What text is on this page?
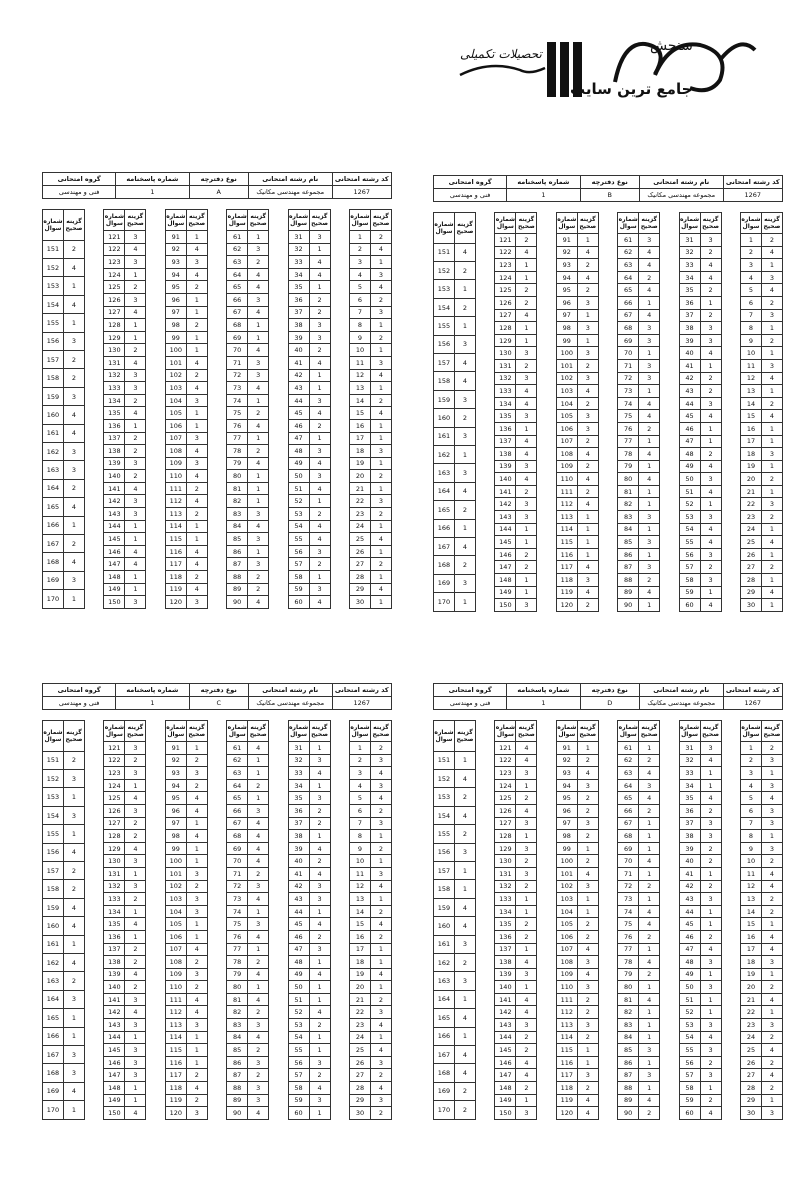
سنجش
تحصیلات تکمیلی
جامع ترین سایت
کد رشته امتحانی	نام رشته امتحانی	نوع دفترچه	شماره پاسخنامه	گروه امتحانی
1267	مجموعه مهندسی مکانیک	A	1	فنی و مهندسی
شماره سوال	گزینه صحیح
1	2
2	4
3	1
4	3
5	4
6	2
7	3
8	1
9	2
10	1
11	3
12	4
13	1
14	2
15	4
16	1
17	1
18	3
19	1
20	2
21	1
22	3
23	2
24	1
25	4
26	1
27	2
28	1
29	4
30	1
شماره سوال	گزینه صحیح
31	3
32	1
33	4
34	4
35	1
36	2
37	2
38	3
39	3
40	2
41	4
42	1
43	1
44	3
45	4
46	2
47	1
48	3
49	4
50	3
51	4
52	1
53	2
54	4
55	4
56	3
57	2
58	1
59	3
60	4
شماره سوال	گزینه صحیح
61	1
62	3
63	2
64	4
65	4
66	3
67	4
68	1
69	1
70	4
71	3
72	3
73	4
74	1
75	2
76	4
77	1
78	2
79	4
80	1
81	1
82	1
83	3
84	4
85	3
86	1
87	3
88	2
89	2
90	4
شماره سوال	گزینه صحیح
91	1
92	4
93	3
94	4
95	2
96	1
97	1
98	2
99	1
100	1
101	4
102	2
103	4
104	3
105	1
106	1
107	3
108	4
109	3
110	4
111	2
112	4
113	2
114	1
115	1
116	4
117	4
118	2
119	4
120	3
شماره سوال	گزینه صحیح
121	3
122	4
123	3
124	1
125	2
126	3
127	4
128	1
129	1
130	2
131	4
132	3
133	3
134	2
135	4
136	1
137	2
138	2
139	3
140	2
141	4
142	3
143	3
144	1
145	1
146	4
147	4
148	1
149	1
150	3
شماره سوال	گزینه صحیح
151	2
152	4
153	1
154	4
155	1
156	3
157	2
158	2
159	3
160	4
161	4
162	3
163	3
164	2
165	4
166	1
167	2
168	4
169	3
170	1
کد رشته امتحانی	نام رشته امتحانی	نوع دفترچه	شماره پاسخنامه	گروه امتحانی
1267	مجموعه مهندسی مکانیک	B	1	فنی و مهندسی
شماره سوال	گزینه صحیح
1	2
2	4
3	1
4	3
5	4
6	2
7	3
8	1
9	2
10	1
11	3
12	4
13	1
14	2
15	4
16	1
17	1
18	3
19	1
20	2
21	1
22	3
23	2
24	1
25	4
26	1
27	2
28	1
29	4
30	1
شماره سوال	گزینه صحیح
31	3
32	2
33	4
34	4
35	2
36	1
37	2
38	3
39	3
40	4
41	1
42	2
43	2
44	3
45	4
46	1
47	1
48	2
49	4
50	3
51	4
52	1
53	3
54	4
55	4
56	3
57	2
58	3
59	1
60	4
شماره سوال	گزینه صحیح
61	3
62	4
63	4
64	2
65	4
66	1
67	4
68	3
69	3
70	1
71	3
72	3
73	1
74	4
75	4
76	2
77	1
78	4
79	1
80	4
81	1
82	1
83	3
84	1
85	3
86	1
87	3
88	2
89	4
90	1
شماره سوال	گزینه صحیح
91	1
92	4
93	2
94	4
95	2
96	3
97	1
98	3
99	1
100	3
101	2
102	3
103	4
104	2
105	3
106	3
107	2
108	4
109	2
110	4
111	2
112	4
113	1
114	1
115	1
116	1
117	4
118	3
119	4
120	2
شماره سوال	گزینه صحیح
121	2
122	4
123	1
124	1
125	2
126	2
127	4
128	1
129	1
130	3
131	2
132	3
133	4
134	4
135	3
136	1
137	4
138	4
139	3
140	4
141	2
142	3
143	3
144	1
145	1
146	2
147	2
148	1
149	1
150	3
شماره سوال	گزینه صحیح
151	4
152	2
153	1
154	2
155	1
156	3
157	4
158	4
159	3
160	2
161	3
162	1
163	3
164	4
165	2
166	1
167	4
168	2
169	3
170	1
کد رشته امتحانی	نام رشته امتحانی	نوع دفترچه	شماره پاسخنامه	گروه امتحانی
1267	مجموعه مهندسی مکانیک	C	1	فنی و مهندسی
شماره سوال	گزینه صحیح
1	2
2	3
3	4
4	3
5	4
6	2
7	3
8	1
9	2
10	1
11	3
12	4
13	1
14	2
15	4
16	2
17	1
18	1
19	4
20	1
21	2
22	3
23	4
24	1
25	4
26	3
27	2
28	4
29	3
30	2
شماره سوال	گزینه صحیح
31	1
32	3
33	4
34	1
35	3
36	2
37	2
38	1
39	4
40	2
41	4
42	3
43	3
44	1
45	4
46	2
47	3
48	1
49	4
50	1
51	1
52	4
53	2
54	1
55	1
56	3
57	2
58	4
59	3
60	1
شماره سوال	گزینه صحیح
61	4
62	1
63	1
64	2
65	1
66	3
67	4
68	4
69	4
70	4
71	2
72	3
73	4
74	1
75	3
76	4
77	1
78	2
79	4
80	1
81	4
82	2
83	3
84	4
85	2
86	3
87	2
88	3
89	3
90	4
شماره سوال	گزینه صحیح
91	1
92	2
93	3
94	2
95	4
96	4
97	1
98	4
99	1
100	1
101	3
102	2
103	3
104	3
105	1
106	1
107	4
108	2
109	3
110	2
111	4
112	4
113	3
114	1
115	1
116	1
117	2
118	4
119	2
120	3
شماره سوال	گزینه صحیح
121	3
122	2
123	3
124	1
125	4
126	3
127	2
128	2
129	4
130	3
131	1
132	3
133	2
134	1
135	4
136	1
137	2
138	2
139	4
140	2
141	3
142	4
143	3
144	1
145	3
146	3
147	3
148	1
149	1
150	4
شماره سوال	گزینه صحیح
151	2
152	3
153	1
154	3
155	1
156	4
157	2
158	2
159	4
160	4
161	1
162	4
163	2
164	3
165	1
166	1
167	3
168	3
169	4
170	1
کد رشته امتحانی	نام رشته امتحانی	نوع دفترچه	شماره پاسخنامه	گروه امتحانی
1267	مجموعه مهندسی مکانیک	D	1	فنی و مهندسی
شماره سوال	گزینه صحیح
1	2
2	3
3	1
4	3
5	4
6	3
7	3
8	1
9	3
10	2
11	4
12	4
13	2
14	2
15	1
16	4
17	4
18	3
19	1
20	2
21	4
22	1
23	3
24	2
25	4
26	2
27	4
28	2
29	1
30	3
شماره سوال	گزینه صحیح
31	3
32	4
33	1
34	1
35	4
36	2
37	3
38	3
39	2
40	2
41	1
42	2
43	3
44	1
45	1
46	2
47	4
48	3
49	1
50	3
51	1
52	1
53	3
54	4
55	3
56	2
57	3
58	1
59	2
60	4
شماره سوال	گزینه صحیح
61	1
62	2
63	4
64	3
65	4
66	2
67	1
68	1
69	1
70	4
71	1
72	2
73	1
74	4
75	4
76	2
77	1
78	4
79	2
80	1
81	4
82	1
83	1
84	1
85	3
86	1
87	3
88	1
89	4
90	2
شماره سوال	گزینه صحیح
91	1
92	2
93	4
94	3
95	2
96	2
97	3
98	2
99	1
100	2
101	4
102	3
103	1
104	1
105	2
106	2
107	4
108	3
109	4
110	3
111	2
112	2
113	3
114	2
115	1
116	1
117	3
118	2
119	4
120	4
شماره سوال	گزینه صحیح
121	4
122	4
123	3
124	1
125	2
126	4
127	3
128	1
129	3
130	2
131	3
132	2
133	1
134	1
135	2
136	2
137	1
138	4
139	3
140	1
141	4
142	4
143	3
144	2
145	2
146	4
147	4
148	2
149	1
150	3
شماره سوال	گزینه صحیح
151	1
152	4
153	2
154	4
155	2
156	3
157	1
158	1
159	4
160	4
161	3
162	2
163	3
164	1
165	4
166	1
167	4
168	4
169	2
170	2
